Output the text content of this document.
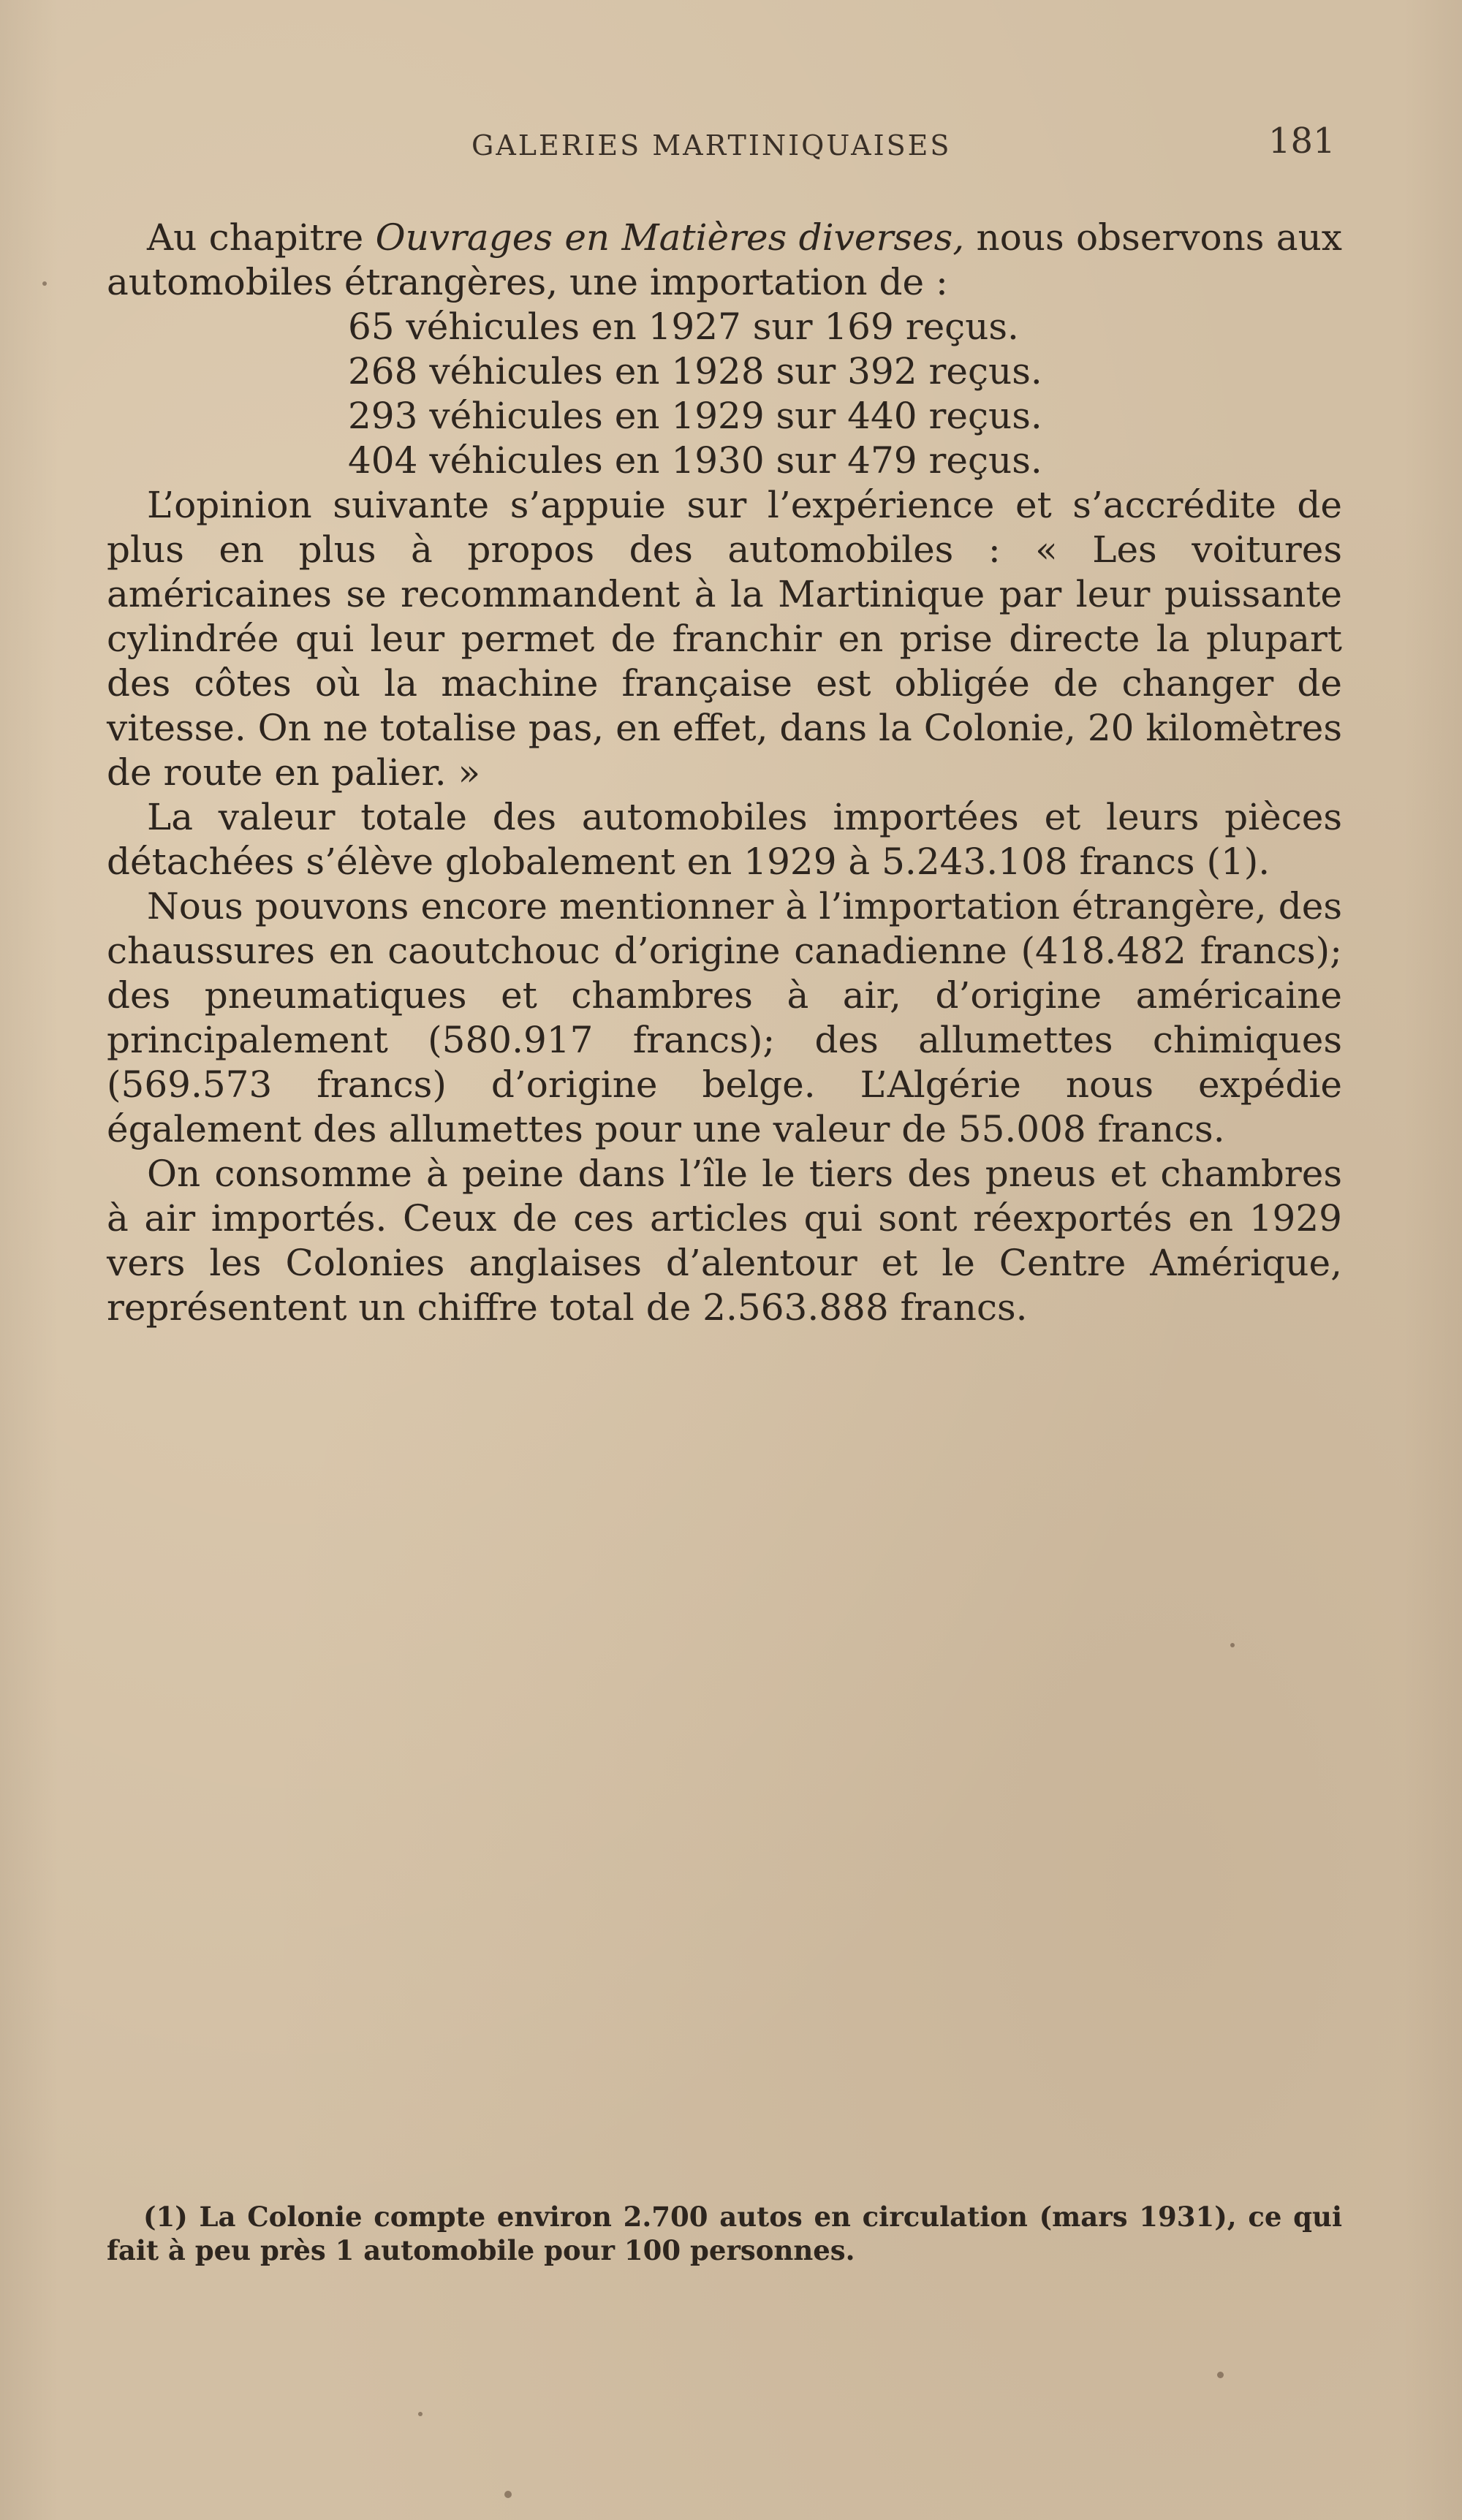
GALERIES MARTINIQUAISES	181

Au chapitre Ouvrages en Matières diverses, nous observons aux automobiles étrangères, une importation de :

65 véhicules en 1927 sur 169 reçus.
268 véhicules en 1928 sur 392 reçus.
293 véhicules en 1929 sur 440 reçus.
404 véhicules en 1930 sur 479 reçus.

L’opinion suivante s’appuie sur l’expérience et s’accrédite de plus en plus à propos des automobiles : « Les voitures américaines se recommandent à la Martinique par leur puissante cylindrée qui leur permet de franchir en prise directe la plupart des côtes où la machine française est obligée de changer de vitesse. On ne totalise pas, en effet, dans la Colonie, 20 kilomètres de route en palier. »

La valeur totale des automobiles importées et leurs pièces détachées s’élève globalement en 1929 à 5.243.108 francs (1).

Nous pouvons encore mentionner à l’importation étrangère, des chaussures en caoutchouc d’origine canadienne (418.482 francs); des pneumatiques et chambres à air, d’origine américaine principalement (580.917 francs); des allumettes chimiques (569.573 francs) d’origine belge. L’Algérie nous expédie également des allumettes pour une valeur de 55.008 francs.

On consomme à peine dans l’île le tiers des pneus et chambres à air importés. Ceux de ces articles qui sont réexportés en 1929 vers les Colonies anglaises d’alentour et le Centre Amérique, représentent un chiffre total de 2.563.888 francs.

(1) La Colonie compte environ 2.700 autos en circulation (mars 1931), ce qui fait à peu près 1 automobile pour 100 personnes.
